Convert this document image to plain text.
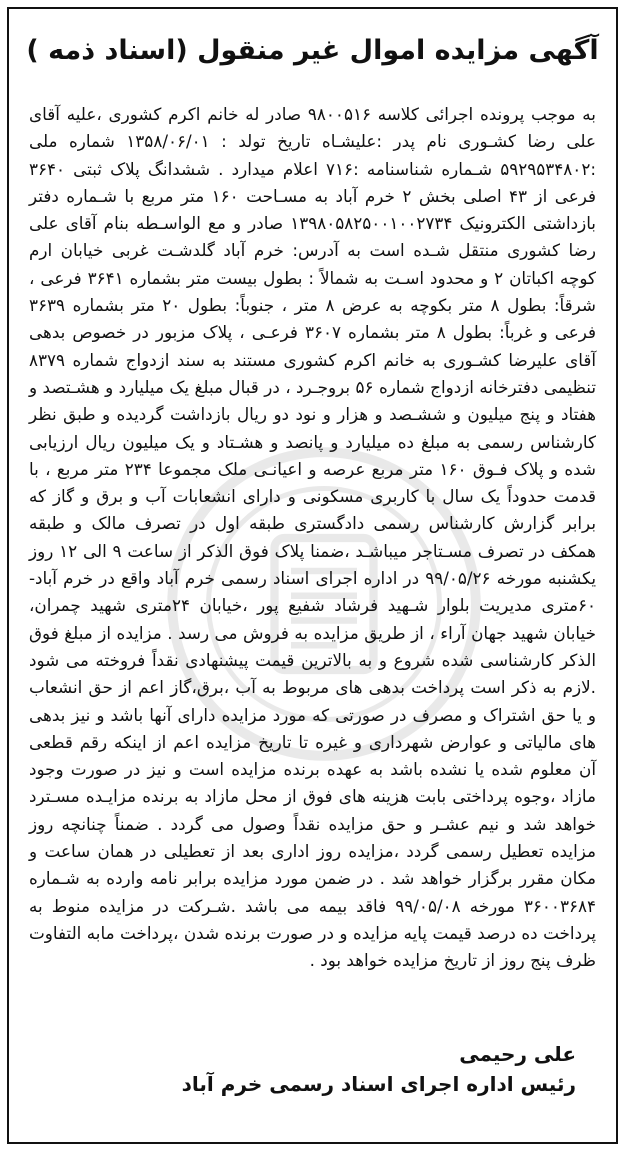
آگهی مزایده اموال غیر منقول (اسناد ذمه )

به موجب پرونده اجرائی کلاسه ۹۸۰۰۵۱۶ صادر له خانم اکرم کشوری ،علیه آقای علی رضا کشـوری نام پدر :علیشـاه تاریخ تولد : ۱۳۵۸/۰۶/۰۱ شماره ملی :۵۹۲۹۵۳۴۸۰۲ شـماره شناسنامه :۷۱۶ اعلام میدارد . ششدانگ پلاک ثبتی ۳۶۴۰ فرعی از ۴۳ اصلی بخش ۲ خرم آباد به مسـاحت ۱۶۰ متر مربع با شـماره دفتر بازداشتی الکترونیک ۱۳۹۸۰۵۸۲۵۰۰۱۰۰۲۷۳۴ صادر و مع الواسـطه بنام آقای علی رضا کشوری منتقل شـده است به آدرس: خرم آباد گلدشـت غربی خیابان ارم کوچه اکباتان ۲ و محدود اسـت به شمالاً : بطول بیست متر بشماره ۳۶۴۱ فرعی ، شرقاً: بطول ۸ متر بکوچه به عرض ۸ متر ، جنوباً: بطول ۲۰ متر بشماره ۳۶۳۹ فرعی و غرباً: بطول ۸ متر بشماره ۳۶۰۷ فرعـی ، پلاک مزبور در خصوص بدهی آقای علیرضا کشـوری به خانم اکرم کشوری مستند به سند ازدواج شماره ۸۳۷۹ تنظیمی دفترخانه ازدواج شماره ۵۶ بروجـرد ، در قبال مبلغ یک میلیارد و هشـتصد و هفتاد و پنج میلیون و ششـصد و هزار و نود دو ریال بازداشت گردیده و طبق نظر کارشناس رسمی به مبلغ ده میلیارد و پانصد و هشـتاد و یک میلیون ریال ارزیابی شده و پلاک فـوق ۱۶۰ متر مربع عرصه و اعیانـی ملک مجموعا ۲۳۴ متر مربع ، با قدمت حدوداً یک سال با کاربری مسکونی و دارای انشعابات آب و برق و گاز که برابر گزارش کارشناس رسمی دادگستری طبقه اول در تصرف مالک و طبقه همکف در تصرف مسـتاجر میباشـد ،ضمنا پلاک فوق الذکر از ساعت ۹ الی ۱۲ روز یکشنبه مورخه ۹۹/۰۵/۲۶ در اداره اجرای اسناد رسمی خرم آباد واقع در خرم آباد- ۶۰متری مدیریت بلوار شـهید فرشاد شفیع پور ،خیابان ۲۴متری شهید چمران، خیابان شهید جهان آراء ، از طریق مزایده به فروش می رسد . مزایده از مبلغ فوق الذکر کارشناسی شده شروع و به بالاترین قیمت پیشنهادی نقداً فروخته می شود .لازم به ذکر است پرداخت بدهی های مربوط به آب ،برق،گاز اعم از حق انشعاب و یا حق اشتراک و مصرف در صورتی که مورد مزایده دارای آنها باشد و نیز بدهی های مالیاتی و عوارض شهرداری و غیره تا تاریخ مزایده اعم از اینکه رقم قطعی آن معلوم شده یا نشده باشد به عهده برنده مزایده است و نیز در صورت وجود مازاد ،وجوه پرداختی بابت هزینه های فوق از محل مازاد به برنده مزایـده مسـترد خواهد شد و نیم عشـر و حق مزایده نقداً وصول می گردد . ضمناً چنانچه روز مزایده تعطیل رسمی گردد ،مزایده روز اداری بعد از تعطیلی در همان ساعت و مکان مقرر برگزار خواهد شد . در ضمن مورد مزایده برابر نامه وارده به شـماره ۳۶۰۰۳۶۸۴ مورخه ۹۹/۰۵/۰۸ فاقد بیمه می باشد .شـرکت در مزایده منوط به پرداخت ده درصد قیمت پایه مزایده و در صورت برنده شدن ،پرداخت مابه التفاوت ظرف پنج روز از تاریخ مزایده خواهد بود .

علی رحیمی
رئیس اداره اجرای اسناد رسمی خرم آباد
